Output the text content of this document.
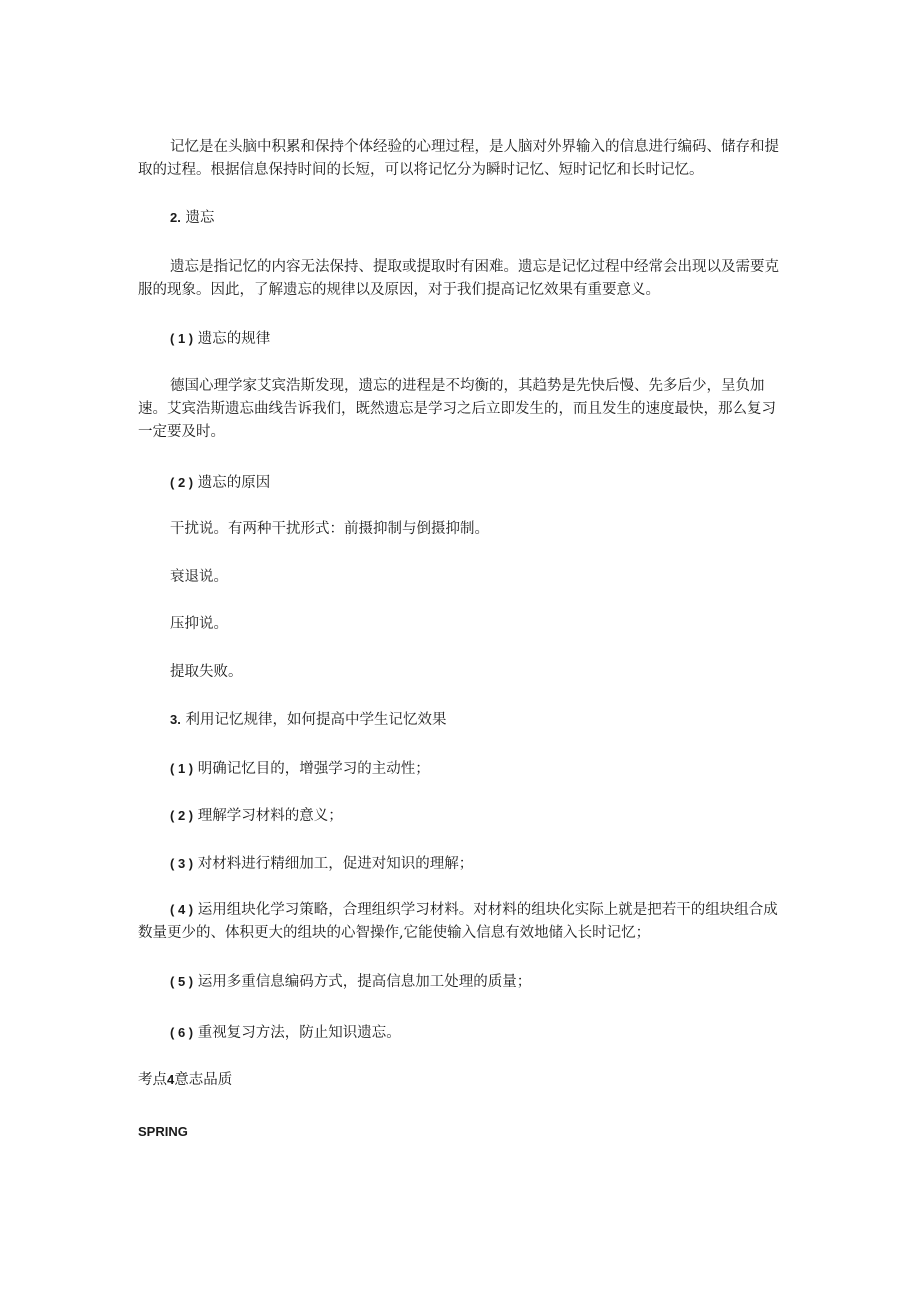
记忆是在头脑中积累和保持个体经验的心理过程，是人脑对外界输入的信息进行编码、储存和提取的过程。根据信息保持时间的长短，可以将记忆分为瞬时记忆、短时记忆和长时记忆。

2. 遗忘

遗忘是指记忆的内容无法保持、提取或提取时有困难。遗忘是记忆过程中经常会出现以及需要克服的现象。因此，了解遗忘的规律以及原因，对于我们提高记忆效果有重要意义。

( 1 ) 遗忘的规律

德国心理学家艾宾浩斯发现，遗忘的进程是不均衡的，其趋势是先快后慢、先多后少，呈负加速。艾宾浩斯遗忘曲线告诉我们，既然遗忘是学习之后立即发生的，而且发生的速度最快，那么复习一定要及时。

( 2 ) 遗忘的原因

干扰说。有两种干扰形式：前摄抑制与倒摄抑制。

衰退说。

压抑说。

提取失败。

3. 利用记忆规律，如何提高中学生记忆效果

( 1 ) 明确记忆目的，增强学习的主动性；

( 2 ) 理解学习材料的意义；

( 3 ) 对材料进行精细加工，促进对知识的理解；

( 4 ) 运用组块化学习策略，合理组织学习材料。对材料的组块化实际上就是把若干的组块组合成数量更少的、体积更大的组块的心智操作,它能使输入信息有效地储入长时记忆；

( 5 ) 运用多重信息编码方式，提高信息加工处理的质量；

( 6 ) 重视复习方法，防止知识遗忘。

考点4意志品质

SPRING
